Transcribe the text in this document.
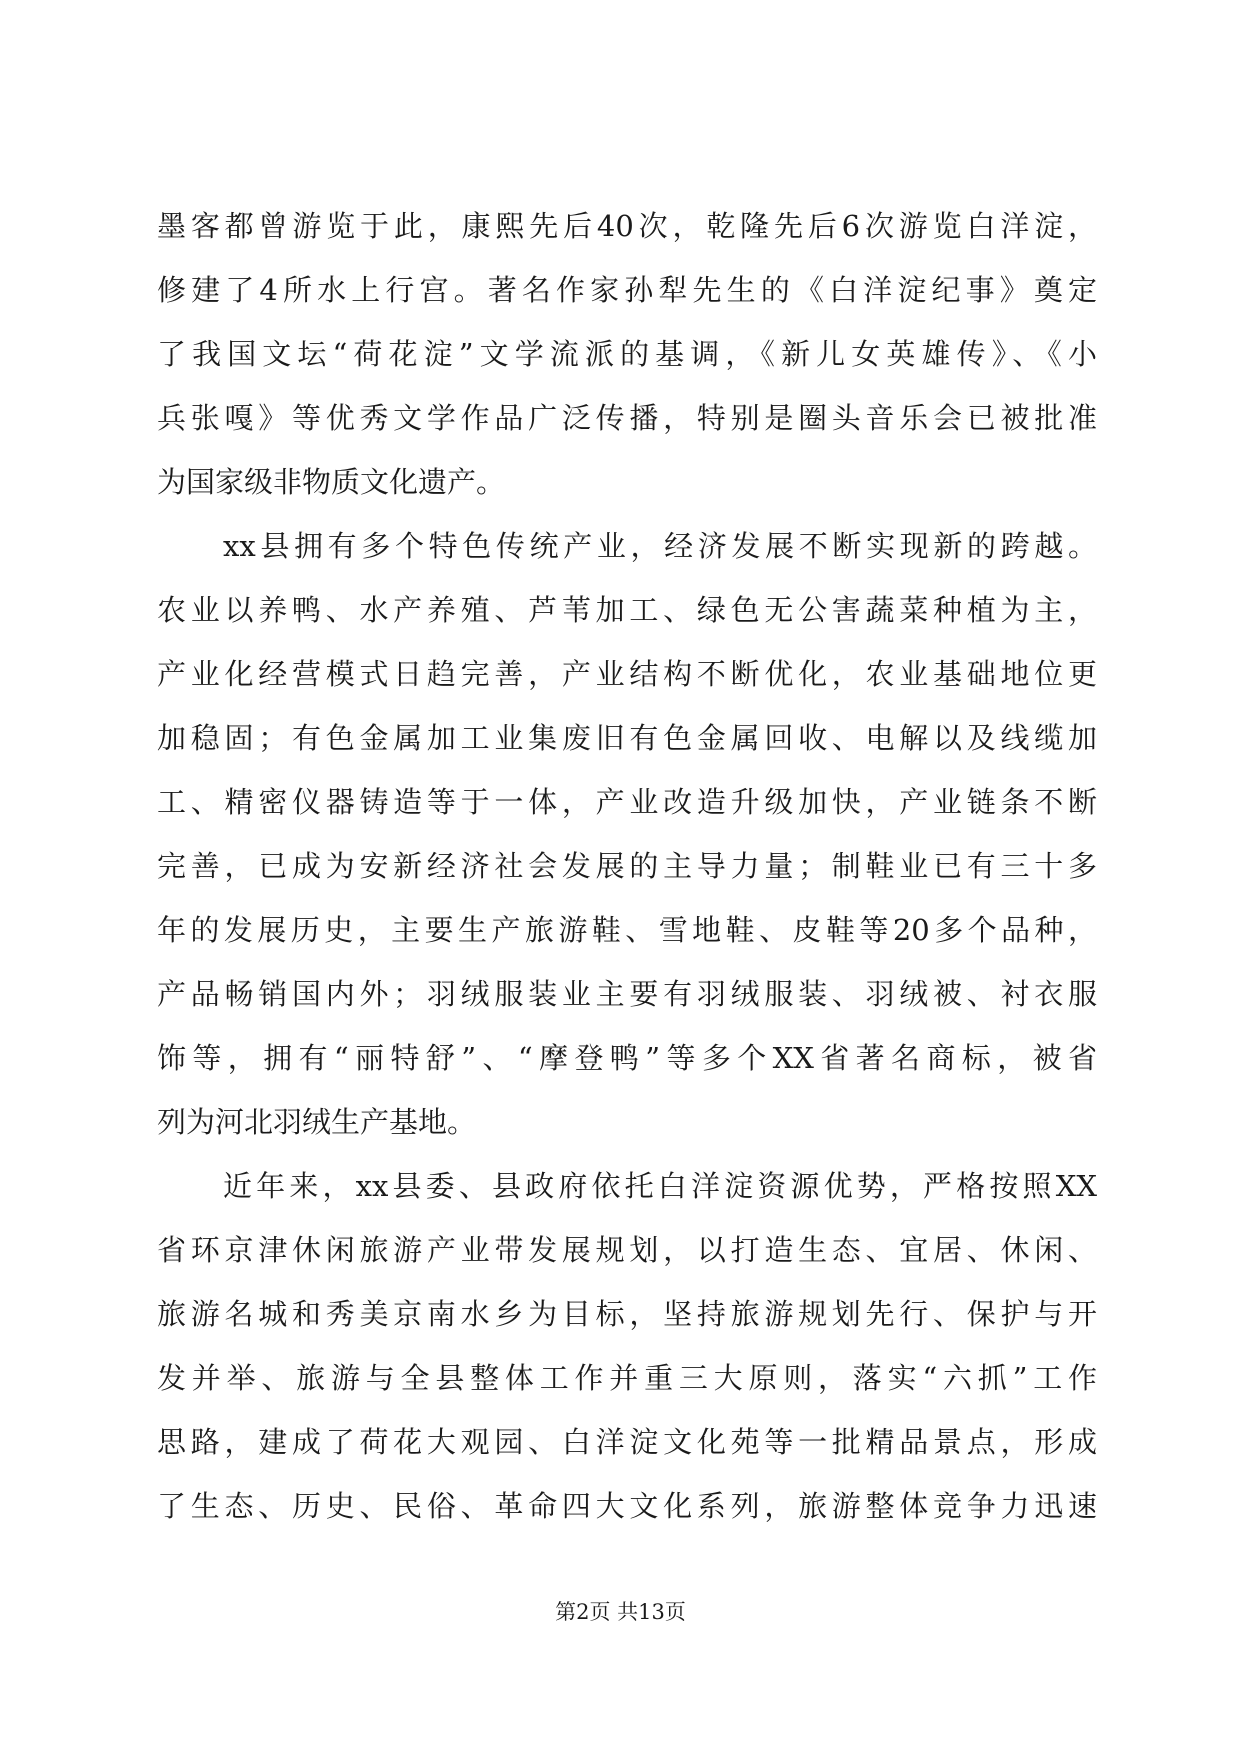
墨客都曾游览于此，康熙先后40次，乾隆先后6次游览白洋淀，
修建了4所水上行宫。著名作家孙犁先生的《白洋淀纪事》奠定
了我国文坛“荷花淀”文学流派的基调，《新儿女英雄传》、《小
兵张嘎》等优秀文学作品广泛传播，特别是圈头音乐会已被批准
为国家级非物质文化遗产。
xx县拥有多个特色传统产业，经济发展不断实现新的跨越。
农业以养鸭、水产养殖、芦苇加工、绿色无公害蔬菜种植为主，
产业化经营模式日趋完善，产业结构不断优化，农业基础地位更
加稳固；有色金属加工业集废旧有色金属回收、电解以及线缆加
工、精密仪器铸造等于一体，产业改造升级加快，产业链条不断
完善，已成为安新经济社会发展的主导力量；制鞋业已有三十多
年的发展历史，主要生产旅游鞋、雪地鞋、皮鞋等20多个品种，
产品畅销国内外；羽绒服装业主要有羽绒服装、羽绒被、衬衣服
饰等，拥有“丽特舒”、“摩登鸭”等多个XX省著名商标，被省
列为河北羽绒生产基地。
近年来，xx县委、县政府依托白洋淀资源优势，严格按照XX
省环京津休闲旅游产业带发展规划，以打造生态、宜居、休闲、
旅游名城和秀美京南水乡为目标，坚持旅游规划先行、保护与开
发并举、旅游与全县整体工作并重三大原则，落实“六抓”工作
思路，建成了荷花大观园、白洋淀文化苑等一批精品景点，形成
了生态、历史、民俗、革命四大文化系列，旅游整体竞争力迅速
第2页 共13页
